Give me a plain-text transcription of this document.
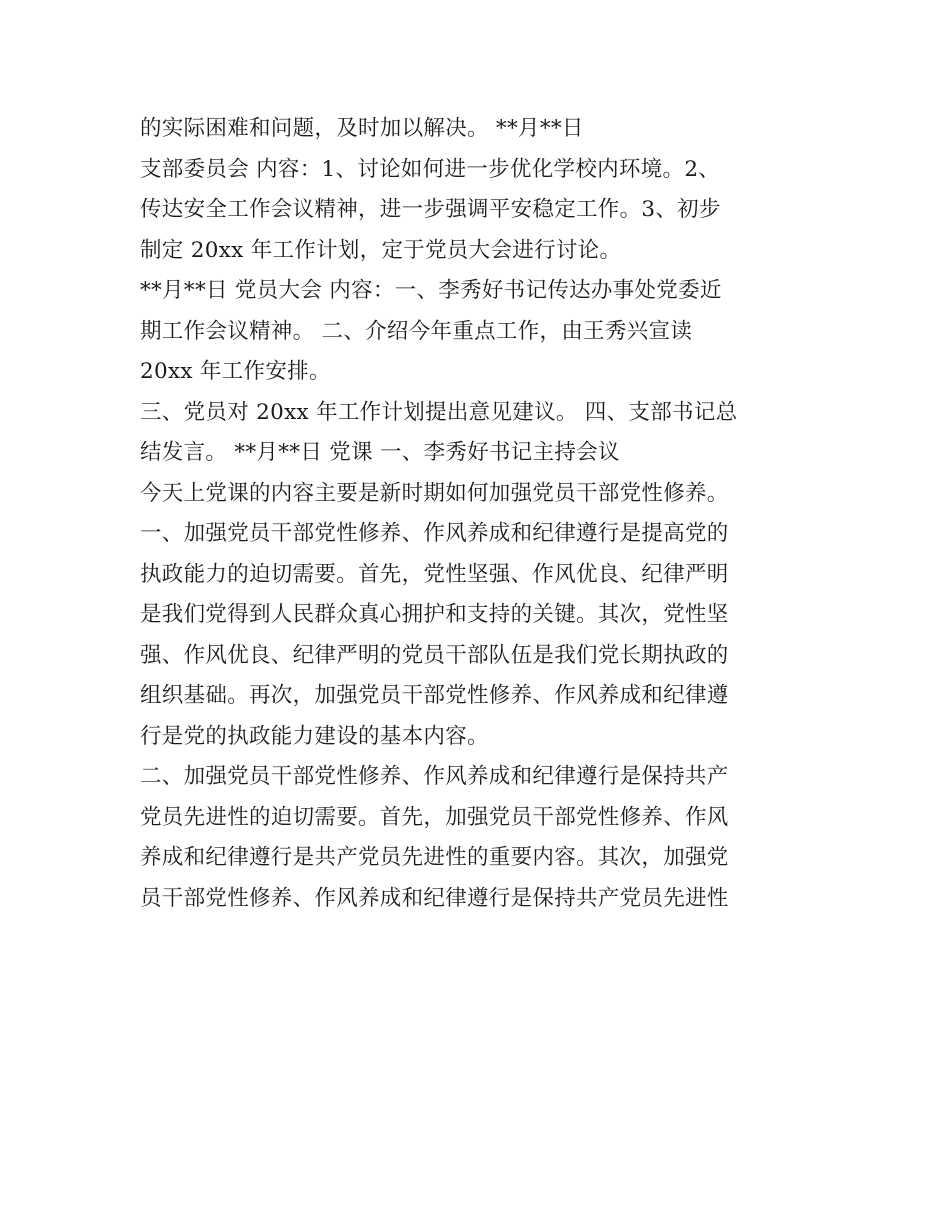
的实际困难和问题，及时加以解决。 **月**日
支部委员会 内容：1、讨论如何进一步优化学校内环境。2、
传达安全工作会议精神，进一步强调平安稳定工作。3、初步
制定 20xx 年工作计划，定于党员大会进行讨论。
**月**日 党员大会 内容：一、李秀好书记传达办事处党委近
期工作会议精神。 二、介绍今年重点工作，由王秀兴宣读
20xx 年工作安排。
三、党员对 20xx 年工作计划提出意见建议。 四、支部书记总
结发言。 **月**日 党课 一、李秀好书记主持会议
今天上党课的内容主要是新时期如何加强党员干部党性修养。
一、加强党员干部党性修养、作风养成和纪律遵行是提高党的
执政能力的迫切需要。首先，党性坚强、作风优良、纪律严明
是我们党得到人民群众真心拥护和支持的关键。其次，党性坚
强、作风优良、纪律严明的党员干部队伍是我们党长期执政的
组织基础。再次，加强党员干部党性修养、作风养成和纪律遵
行是党的执政能力建设的基本内容。
二、加强党员干部党性修养、作风养成和纪律遵行是保持共产
党员先进性的迫切需要。首先，加强党员干部党性修养、作风
养成和纪律遵行是共产党员先进性的重要内容。其次，加强党
员干部党性修养、作风养成和纪律遵行是保持共产党员先进性
